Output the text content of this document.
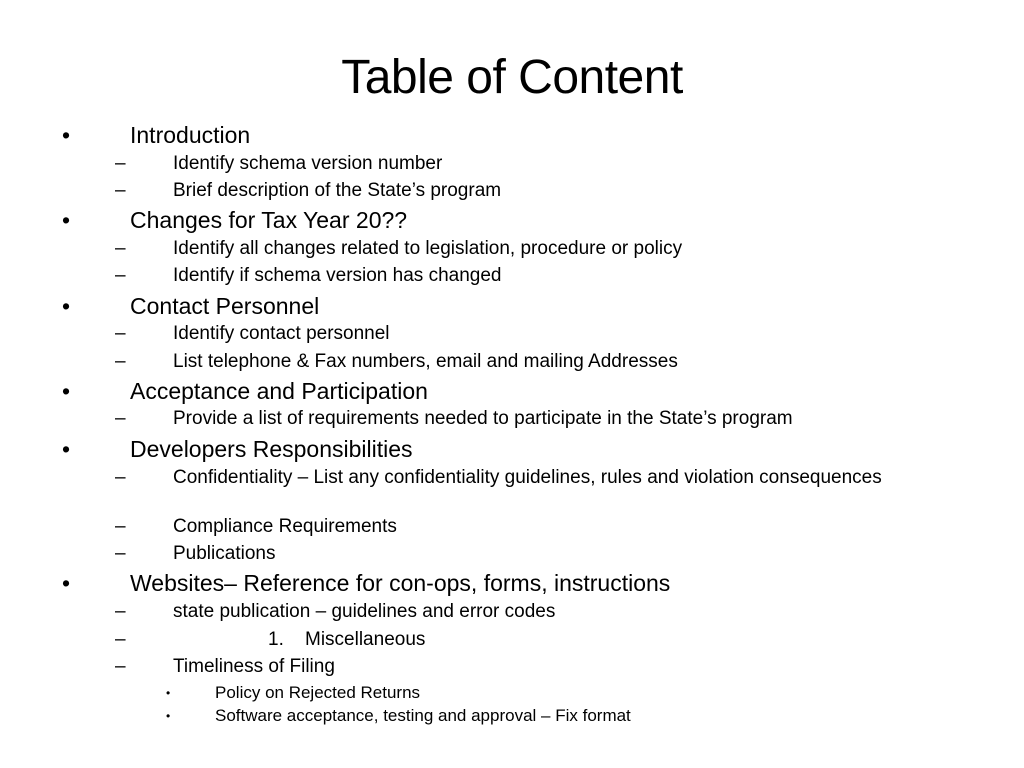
Table of Content
•	Introduction
– Identify schema version number
– Brief description of the State’s program
•	Changes for Tax Year 20??
– Identify all changes related to legislation, procedure or policy
– Identify if schema version has changed
•	Contact Personnel
– Identify contact personnel
– List telephone & Fax numbers, email and mailing Addresses
•	Acceptance and Participation
– Provide a list of requirements needed to participate in the State’s program
•	Developers Responsibilities
– Confidentiality – List any confidentiality guidelines, rules and violation consequences
– Compliance Requirements
– Publications
•	Websites– Reference for con-ops, forms, instructions
– state publication – guidelines and error codes
–	1. Miscellaneous
– Timeliness of Filing
•	Policy on Rejected Returns
•	Software acceptance, testing and approval – Fix format
